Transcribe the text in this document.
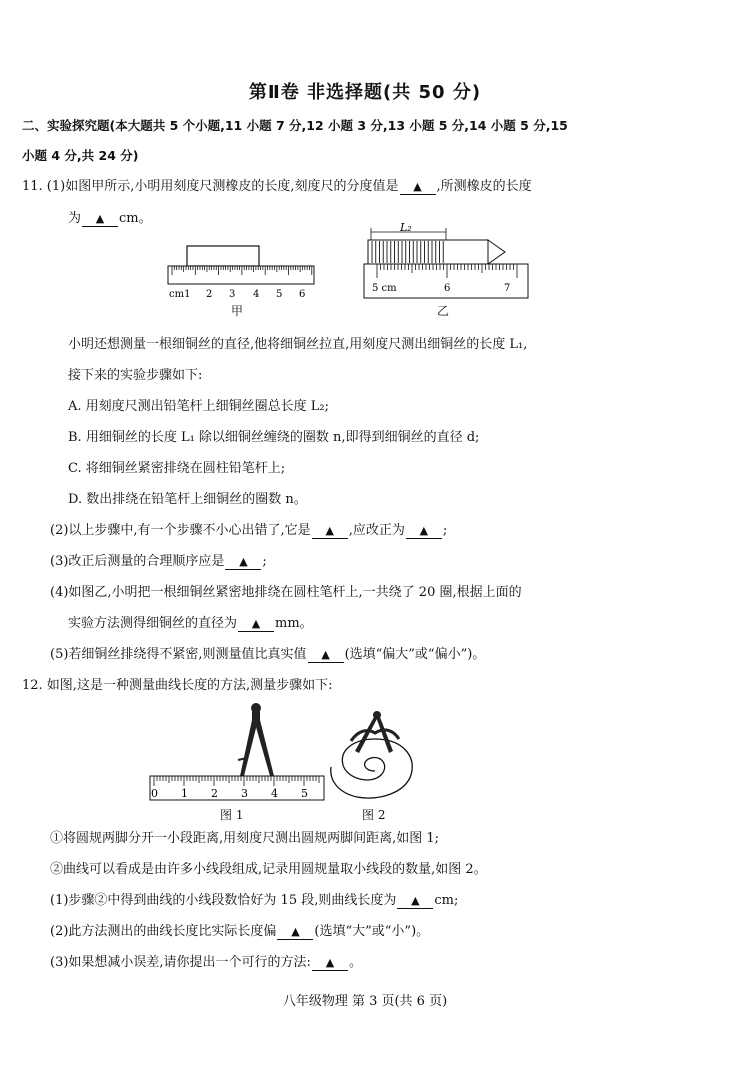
第Ⅱ卷 非选择题(共 50 分)
二、实验探究题(本大题共 5 个小题,11 小题 7 分,12 小题 3 分,13 小题 5 分,14 小题 5 分,15
小题 4 分,共 24 分)
11. (1)如图甲所示,小明用刻度尺测橡皮的长度,刻度尺的分度值是 ▲ ,所测橡皮的长度
为 ▲ cm。
cm1 2 3 4 5 6
甲
L₂
5 cm	6	7
乙
小明还想测量一根细铜丝的直径,他将细铜丝拉直,用刻度尺测出细铜丝的长度 L₁,
接下来的实验步骤如下:
A. 用刻度尺测出铅笔杆上细铜丝圈总长度 L₂;
B. 用细铜丝的长度 L₁ 除以细铜丝缠绕的圈数 n,即得到细铜丝的直径 d;
C. 将细铜丝紧密排绕在圆柱铅笔杆上;
D. 数出排绕在铅笔杆上细铜丝的圈数 n。
(2)以上步骤中,有一个步骤不小心出错了,它是 ▲ ,应改正为 ▲ ;
(3)改正后测量的合理顺序应是 ▲ ;
(4)如图乙,小明把一根细铜丝紧密地排绕在圆柱笔杆上,一共绕了 20 圈,根据上面的
实验方法测得细铜丝的直径为 ▲ mm。
(5)若细铜丝排绕得不紧密,则测量值比真实值 ▲ (选填“偏大”或“偏小”)。
12. 如图,这是一种测量曲线长度的方法,测量步骤如下:
0 1 2 3 4 5
图 1	图 2
①将圆规两脚分开一小段距离,用刻度尺测出圆规两脚间距离,如图 1;
②曲线可以看成是由许多小线段组成,记录用圆规量取小线段的数量,如图 2。
(1)步骤②中得到曲线的小线段数恰好为 15 段,则曲线长度为 ▲ cm;
(2)此方法测出的曲线长度比实际长度偏 ▲ (选填“大”或“小”)。
(3)如果想减小误差,请你提出一个可行的方法: ▲ 。
八年级物理 第 3 页(共 6 页)
